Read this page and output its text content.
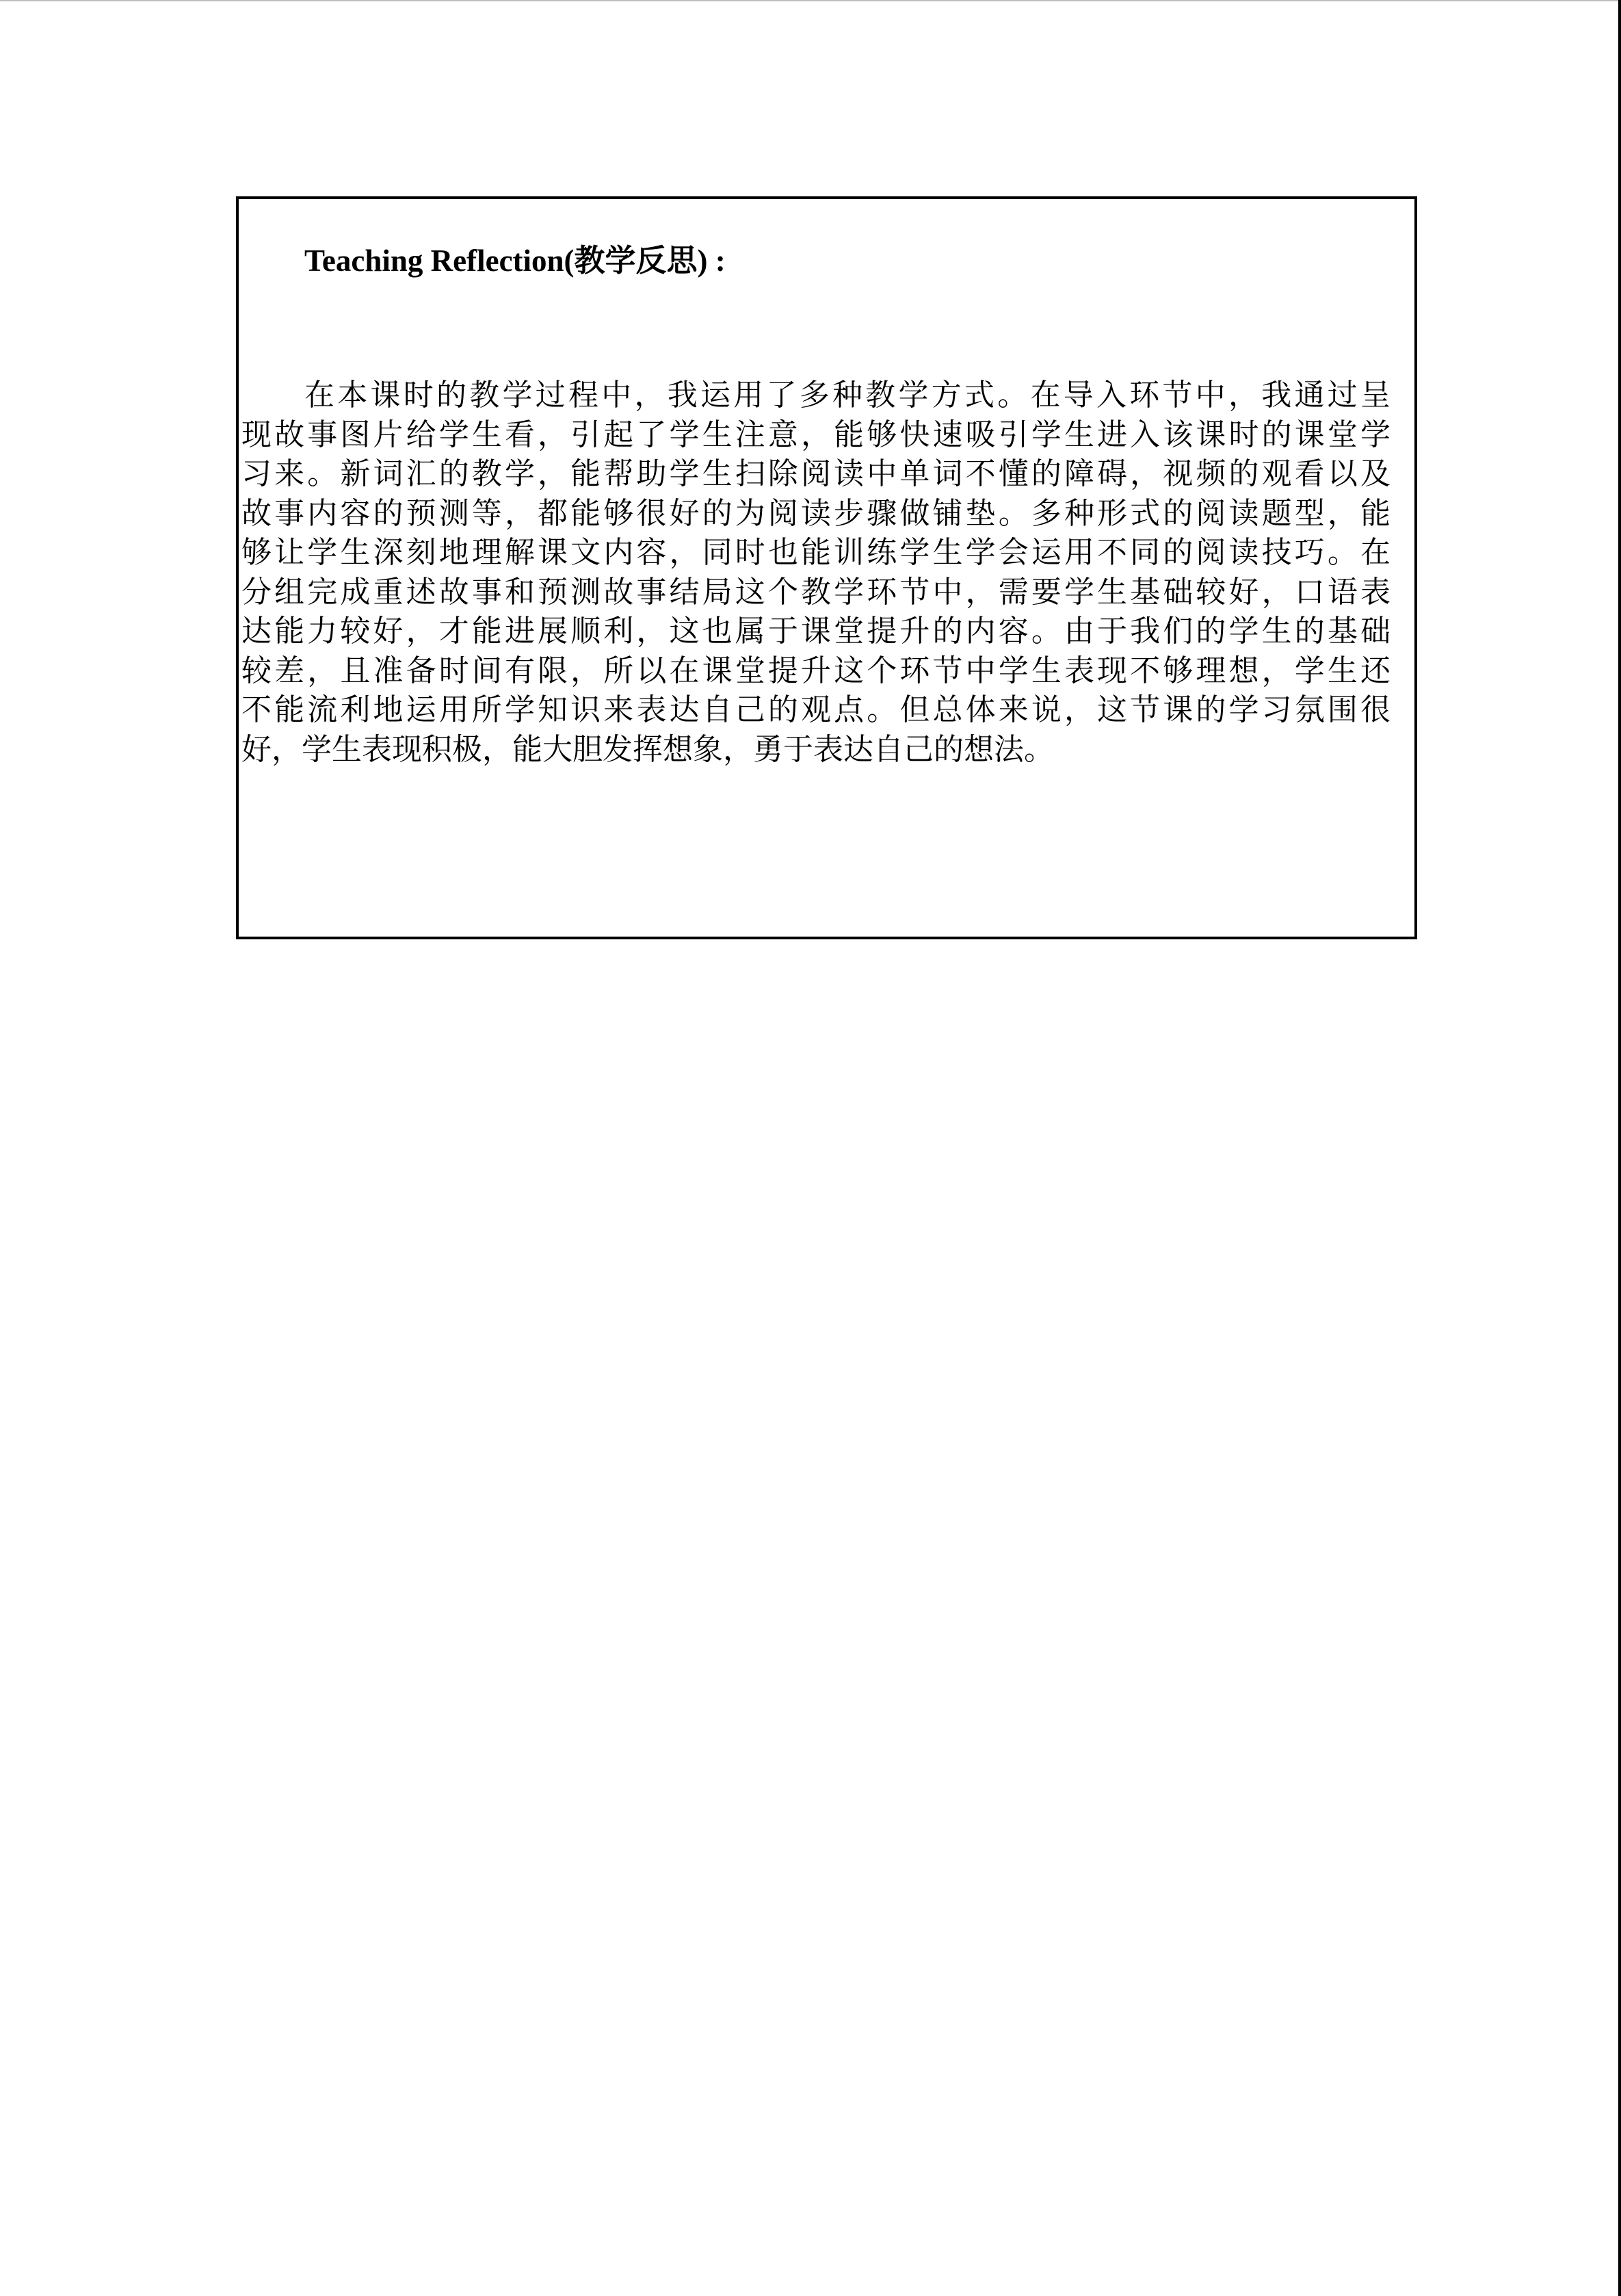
Teaching Reflection(教学反思) :
在本课时的教学过程中，我运用了多种教学方式。在导入环节中，我通过呈
现故事图片给学生看，引起了学生注意，能够快速吸引学生进入该课时的课堂学
习来。新词汇的教学，能帮助学生扫除阅读中单词不懂的障碍，视频的观看以及
故事内容的预测等，都能够很好的为阅读步骤做铺垫。多种形式的阅读题型，能
够让学生深刻地理解课文内容，同时也能训练学生学会运用不同的阅读技巧。在
分组完成重述故事和预测故事结局这个教学环节中，需要学生基础较好，口语表
达能力较好，才能进展顺利，这也属于课堂提升的内容。由于我们的学生的基础
较差，且准备时间有限，所以在课堂提升这个环节中学生表现不够理想，学生还
不能流利地运用所学知识来表达自己的观点。但总体来说，这节课的学习氛围很
好，学生表现积极，能大胆发挥想象，勇于表达自己的想法。
